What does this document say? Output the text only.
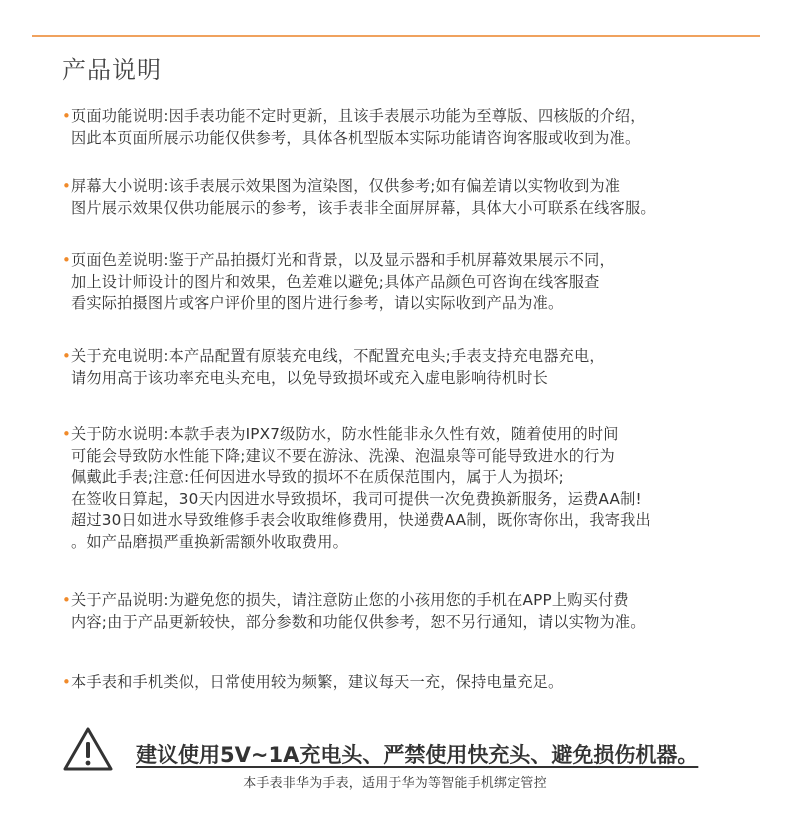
产品说明
• 页面功能说明:因手表功能不定时更新，且该手表展示功能为至尊版、四核版的介绍，
因此本页面所展示功能仅供参考，具体各机型版本实际功能请咨询客服或收到为准。
• 屏幕大小说明:该手表展示效果图为渲染图，仅供参考;如有偏差请以实物收到为准
图片展示效果仅供功能展示的参考，该手表非全面屏屏幕，具体大小可联系在线客服。
• 页面色差说明:鉴于产品拍摄灯光和背景，以及显示器和手机屏幕效果展示不同，
加上设计师设计的图片和效果，色差难以避免;具体产品颜色可咨询在线客服查
看实际拍摄图片或客户评价里的图片进行参考，请以实际收到产品为准。
• 关于充电说明:本产品配置有原装充电线，不配置充电头;手表支持充电器充电，
请勿用高于该功率充电头充电，以免导致损坏或充入虚电影响待机时长
• 关于防水说明:本款手表为IPX7级防水，防水性能非永久性有效，随着使用的时间
可能会导致防水性能下降;建议不要在游泳、洗澡、泡温泉等可能导致进水的行为
佩戴此手表;注意:任何因进水导致的损坏不在质保范围内，属于人为损坏;
在签收日算起，30天内因进水导致损坏，我司可提供一次免费换新服务，运费AA制!
超过30日如进水导致维修手表会收取维修费用，快递费AA制，既你寄你出，我寄我出
。如产品磨损严重换新需额外收取费用。
• 关于产品说明:为避免您的损失，请注意防止您的小孩用您的手机在APP上购买付费
内容;由于产品更新较快，部分参数和功能仅供参考，恕不另行通知，请以实物为准。
• 本手表和手机类似，日常使用较为频繁，建议每天一充，保持电量充足。
建议使用5V~1A充电头、严禁使用快充头、避免损伤机器。
本手表非华为手表，适用于华为等智能手机绑定管控
